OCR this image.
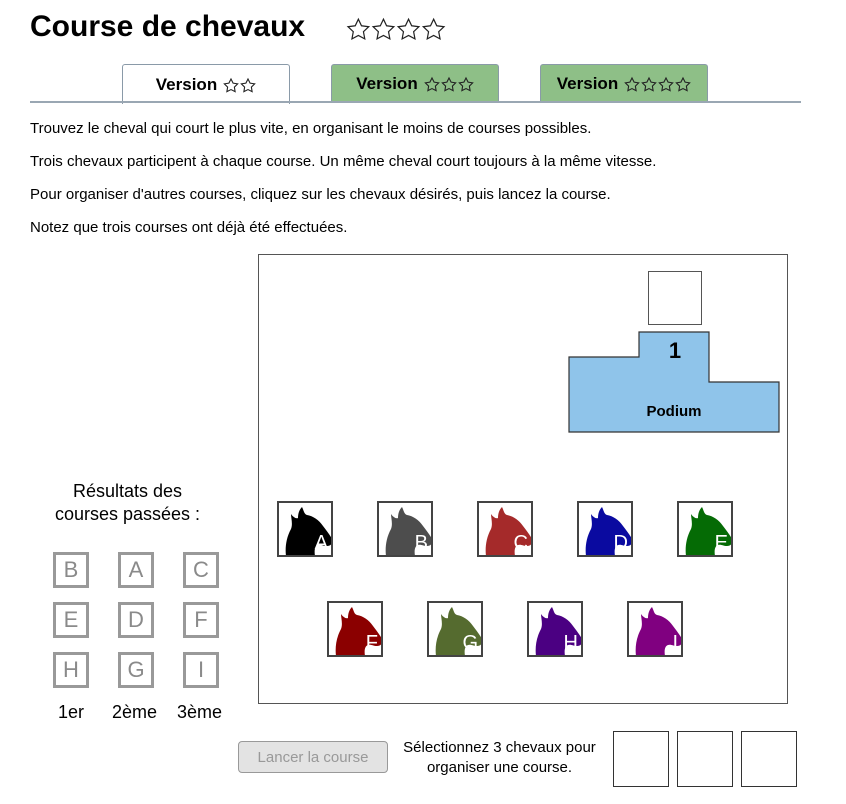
Course de chevaux
Version	Version	Version
Trouvez le cheval qui court le plus vite, en organisant le moins de courses possibles.
Trois chevaux participent à chaque course. Un même cheval court toujours à la même vitesse.
Pour organiser d'autres courses, cliquez sur les chevaux désirés, puis lancez la course.
Notez que trois courses ont déjà été effectuées.
1
Podium
A	B	C	D	E
F	G	H	I
Résultats des
courses passées :
B	A	C
E	D	F
H	G	I
1er 2ème 3ème
Lancer la course
Sélectionnez 3 chevaux pour
organiser une course.
